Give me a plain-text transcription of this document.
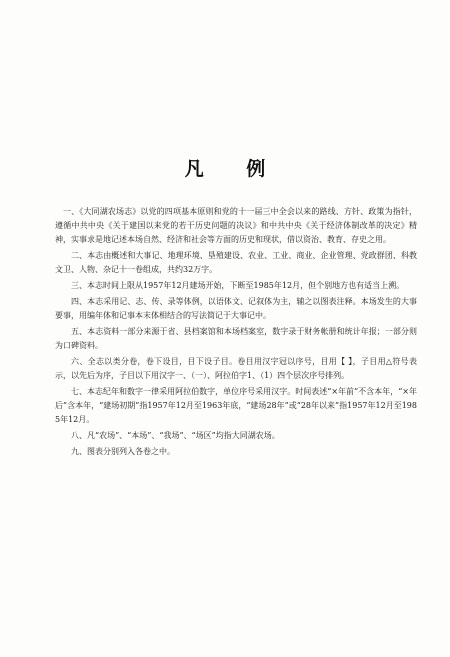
凡 例

一、《大同湖农场志》以党的四项基本原则和党的十一届三中全会以来的路线、方针、政策为指针，遵循中共中央《关于建国以来党的若干历史问题的决议》和中共中央《关于经济体制改革的决定》精神，实事求是地记述本场自然、经济和社会等方面的历史和现状，借以资治、教育、存史之用。

二、本志由概述和大事记、地理环境、垦殖建设、农业、工业、商业、企业管理、党政群团、科教文卫、人物、杂记十一卷组成，共约32万字。

三、本志时间上限从1957年12月建场开始，下断至1985年12月，但个别地方也有适当上溯。

四、本志采用记、志、传、录等体例，以语体文、记叙体为主，辅之以图表注释。本场发生的大事要事，用编年体和记事本末体相结合的写法简记于大事记中。

五、本志资料一部分来源于省、县档案馆和本场档案室，数字录于财务帐册和统计年报；一部分则为口碑资料。

六、全志以类分卷，卷下设目，目下设子目。卷目用汉字冠以序号，目用【 】，子目用△符号表示，以先后为序，子目以下用汉字一、（一）、阿拉伯字1、（1）四个层次序号排列。

七、本志纪年和数字一律采用阿拉伯数字，单位序号采用汉字。时间表述“×年前”不含本年，“×年后”含本年，“建场初期”指1957年12月至1963年底，“建场28年”或“28年以来”指1957年12月至1985年12月。

八、凡“农场”、“本场”、“我场”、“场区”均指大同湖农场。

九、图表分别列入各卷之中。
